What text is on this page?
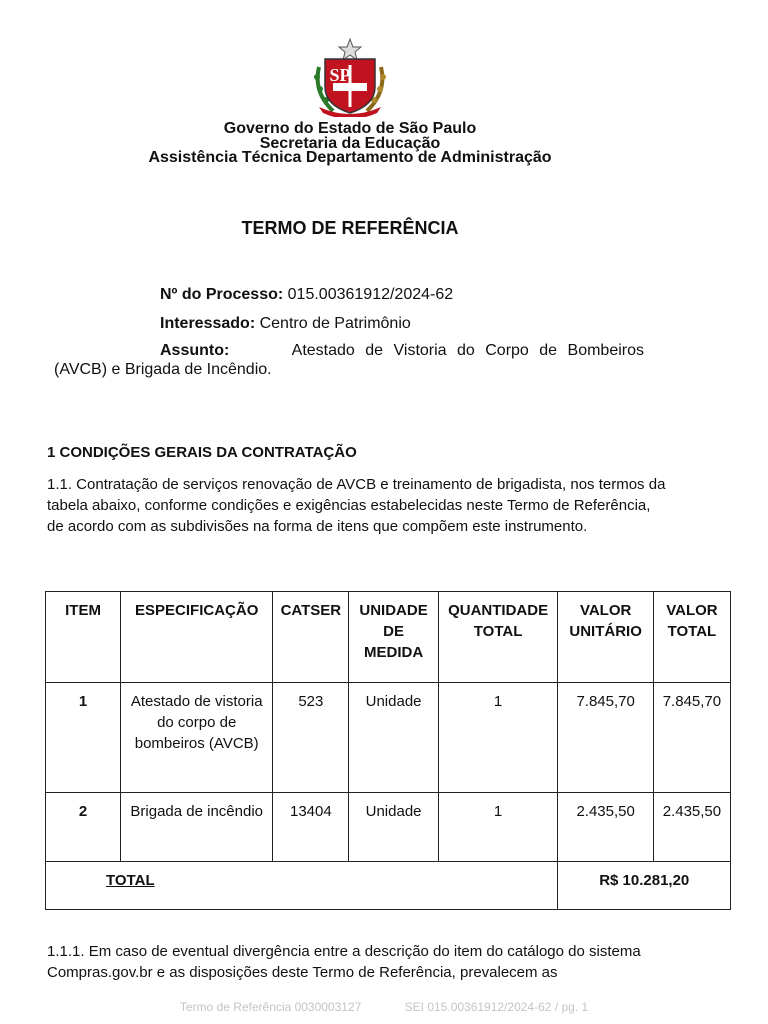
SP
Governo do Estado de São Paulo
Secretaria da Educação
Assistência Técnica Departamento de Administração
TERMO DE REFERÊNCIA
Nº do Processo: 015.00361912/2024-62
Interessado: Centro de Patrimônio
Assunto:	Atestado de Vistoria do Corpo de Bombeiros
(AVCB) e Brigada de Incêndio.
1 CONDIÇÕES GERAIS DA CONTRATAÇÃO
1.1. Contratação de serviços renovação de AVCB e treinamento de brigadista, nos termos da tabela abaixo, conforme condições e exigências estabelecidas neste Termo de Referência, de acordo com as subdivisões na forma de itens que compõem este instrumento.
ITEM	ESPECIFICAÇÃO	CATSER	UNIDADE DE MEDIDA	QUANTIDADE TOTAL	VALOR UNITÁRIO	VALOR TOTAL
1	Atestado de vistoria do corpo de bombeiros (AVCB)	523	Unidade	1	7.845,70	7.845,70
2	Brigada de incêndio	13404	Unidade	1	2.435,50	2.435,50
TOTAL					R$ 10.281,20	
1.1.1. Em caso de eventual divergência entre a descrição do item do catálogo do sistema Compras.gov.br e as disposições deste Termo de Referência, prevalecem as
Termo de Referência 0030003127	SEI 015.00361912/2024-62 / pg. 1
